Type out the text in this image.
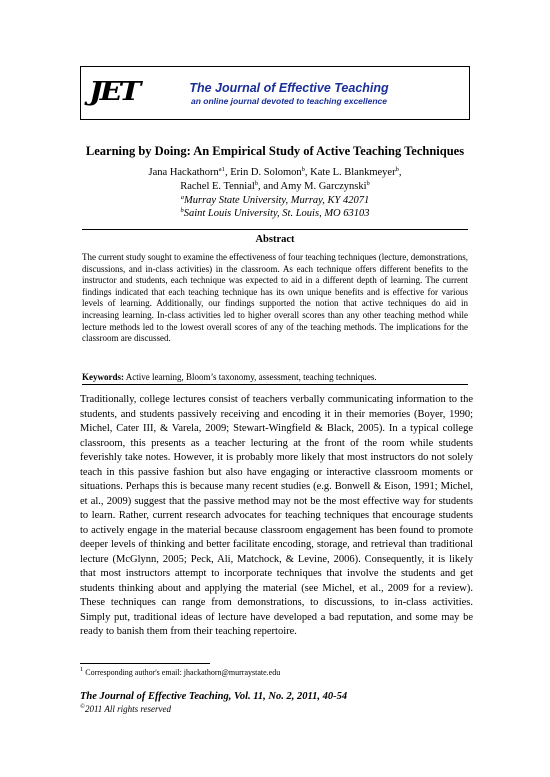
JET	The Journal of Effective Teaching
an online journal devoted to teaching excellence
Learning by Doing: An Empirical Study of Active Teaching Techniques
Jana Hackathorn$^{a1}$, Erin D. Solomon$^b$, Kate L. Blankmeyer$^b$,
Rachel E. Tennial$^b$, and Amy M. Garczynski$^b$
$^a$Murray State University, Murray, KY 42071
$^b$Saint Louis University, St. Louis, MO 63103
Abstract

The current study sought to examine the effectiveness of four teaching techniques (lecture, demonstrations, discussions, and in-class activities) in the classroom. As each technique offers different benefits to the instructor and students, each technique was expected to aid in a different depth of learning. The current findings indicated that each teaching technique has its own unique benefits and is effective for various levels of learning. Additionally, our findings supported the notion that active techniques do aid in increasing learning. In-class activities led to higher overall scores than any other teaching method while lecture methods led to the lowest overall scores of any of the teaching methods. The implications for the classroom are discussed.

Keywords: Active learning, Bloom’s taxonomy, assessment, teaching techniques.

Traditionally, college lectures consist of teachers verbally communicating information to the students, and students passively receiving and encoding it in their memories (Boyer, 1990; Michel, Cater III, & Varela, 2009; Stewart-Wingfield & Black, 2005). In a typical college classroom, this presents as a teacher lecturing at the front of the room while students feverishly take notes. However, it is probably more likely that most instructors do not solely teach in this passive fashion but also have engaging or interactive classroom moments or situations. Perhaps this is because many recent studies (e.g. Bonwell & Eison, 1991; Michel, et al., 2009) suggest that the passive method may not be the most effective way for students to learn. Rather, current research advocates for teaching techniques that encourage students to actively engage in the material because classroom engagement has been found to promote deeper levels of thinking and better facilitate encoding, storage, and retrieval than traditional lecture (McGlynn, 2005; Peck, Ali, Matchock, & Levine, 2006). Consequently, it is likely that most instructors attempt to incorporate techniques that involve the students and get students thinking about and applying the material (see Michel, et al., 2009 for a review). These techniques can range from demonstrations, to discussions, to in-class activities. Simply put, traditional ideas of lecture have developed a bad reputation, and some may be ready to banish them from their teaching repertoire.

$^1$ Corresponding author's email: jhackathorn@murraystate.edu
The Journal of Effective Teaching, Vol. 11, No. 2, 2011, 40-54
©2011 All rights reserved
